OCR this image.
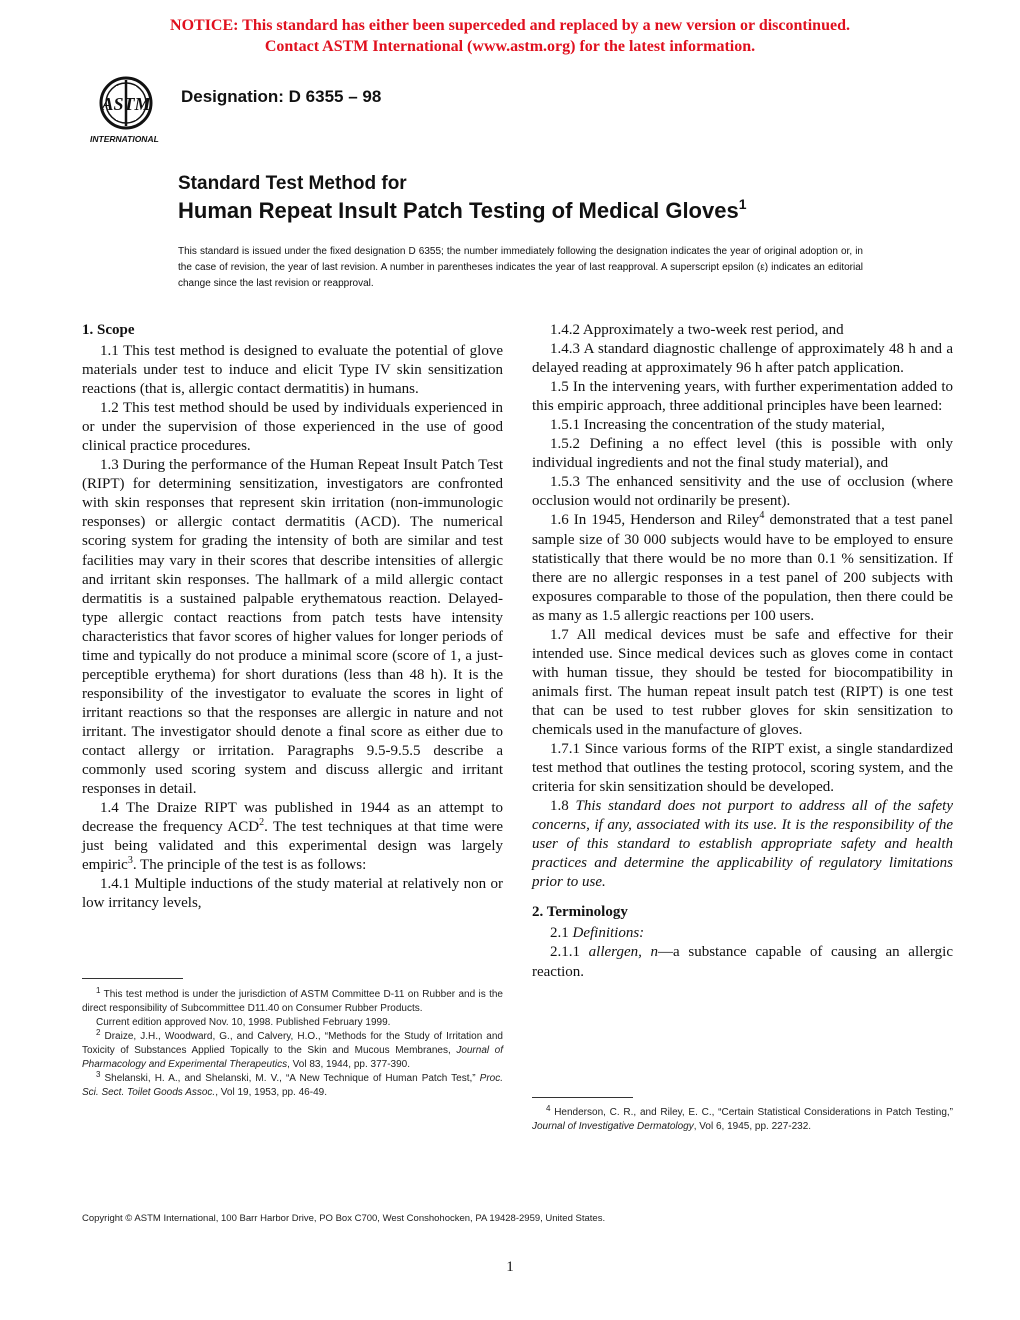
NOTICE: This standard has either been superceded and replaced by a new version or discontinued.
Contact ASTM International (www.astm.org) for the latest information.
ASTM
INTERNATIONAL
Designation: D 6355 – 98
Standard Test Method for
Human Repeat Insult Patch Testing of Medical Gloves$^1$
This standard is issued under the fixed designation D 6355; the number immediately following the designation indicates the year of original adoption or, in the case of revision, the year of last revision. A number in parentheses indicates the year of last reapproval. A superscript epsilon (ε) indicates an editorial change since the last revision or reapproval.
1. Scope

1.1 This test method is designed to evaluate the potential of glove materials under test to induce and elicit Type IV skin sensitization reactions (that is, allergic contact dermatitis) in humans.

1.2 This test method should be used by individuals experienced in or under the supervision of those experienced in the use of good clinical practice procedures.

1.3 During the performance of the Human Repeat Insult Patch Test (RIPT) for determining sensitization, investigators are confronted with skin responses that represent skin irritation (non-immunologic responses) or allergic contact dermatitis (ACD). The numerical scoring system for grading the intensity of both are similar and test facilities may vary in their scores that describe intensities of allergic and irritant skin responses. The hallmark of a mild allergic contact dermatitis is a sustained palpable erythematous reaction. Delayed-type allergic contact reactions from patch tests have intensity characteristics that favor scores of higher values for longer periods of time and typically do not produce a minimal score (score of 1, a just-perceptible erythema) for short durations (less than 48 h). It is the responsibility of the investigator to evaluate the scores in light of irritant reactions so that the responses are allergic in nature and not irritant. The investigator should denote a final score as either due to contact allergy or irritation. Paragraphs 9.5-9.5.5 describe a commonly used scoring system and discuss allergic and irritant responses in detail.

1.4 The Draize RIPT was published in 1944 as an attempt to decrease the frequency ACD$^2$. The test techniques at that time were just being validated and this experimental design was largely empiric$^3$. The principle of the test is as follows:

1.4.1 Multiple inductions of the study material at relatively non or low irritancy levels,

$^1$ This test method is under the jurisdiction of ASTM Committee D-11 on Rubber and is the direct responsibility of Subcommittee D11.40 on Consumer Rubber Products.

Current edition approved Nov. 10, 1998. Published February 1999.

$^2$ Draize, J.H., Woodward, G., and Calvery, H.O., “Methods for the Study of Irritation and Toxicity of Substances Applied Topically to the Skin and Mucous Membranes, Journal of Pharmacology and Experimental Therapeutics, Vol 83, 1944, pp. 377-390.

$^3$ Shelanski, H. A., and Shelanski, M. V., “A New Technique of Human Patch Test,” Proc. Sci. Sect. Toilet Goods Assoc., Vol 19, 1953, pp. 46-49.

1.4.2 Approximately a two-week rest period, and

1.4.3 A standard diagnostic challenge of approximately 48 h and a delayed reading at approximately 96 h after patch application.

1.5 In the intervening years, with further experimentation added to this empiric approach, three additional principles have been learned:

1.5.1 Increasing the concentration of the study material,

1.5.2 Defining a no effect level (this is possible with only individual ingredients and not the final study material), and

1.5.3 The enhanced sensitivity and the use of occlusion (where occlusion would not ordinarily be present).

1.6 In 1945, Henderson and Riley$^4$ demonstrated that a test panel sample size of 30 000 subjects would have to be employed to ensure statistically that there would be no more than 0.1 % sensitization. If there are no allergic responses in a test panel of 200 subjects with exposures comparable to those of the population, then there could be as many as 1.5 allergic reactions per 100 users.

1.7 All medical devices must be safe and effective for their intended use. Since medical devices such as gloves come in contact with human tissue, they should be tested for biocompatibility in animals first. The human repeat insult patch test (RIPT) is one test that can be used to test rubber gloves for skin sensitization to chemicals used in the manufacture of gloves.

1.7.1 Since various forms of the RIPT exist, a single standardized test method that outlines the testing protocol, scoring system, and the criteria for skin sensitization should be developed.

1.8 This standard does not purport to address all of the safety concerns, if any, associated with its use. It is the responsibility of the user of this standard to establish appropriate safety and health practices and determine the applicability of regulatory limitations prior to use.

2. Terminology

2.1 Definitions:

2.1.1 allergen, n—a substance capable of causing an allergic reaction.

$^4$ Henderson, C. R., and Riley, E. C., “Certain Statistical Considerations in Patch Testing,” Journal of Investigative Dermatology, Vol 6, 1945, pp. 227-232.

Copyright © ASTM International, 100 Barr Harbor Drive, PO Box C700, West Conshohocken, PA 19428-2959, United States.
1
